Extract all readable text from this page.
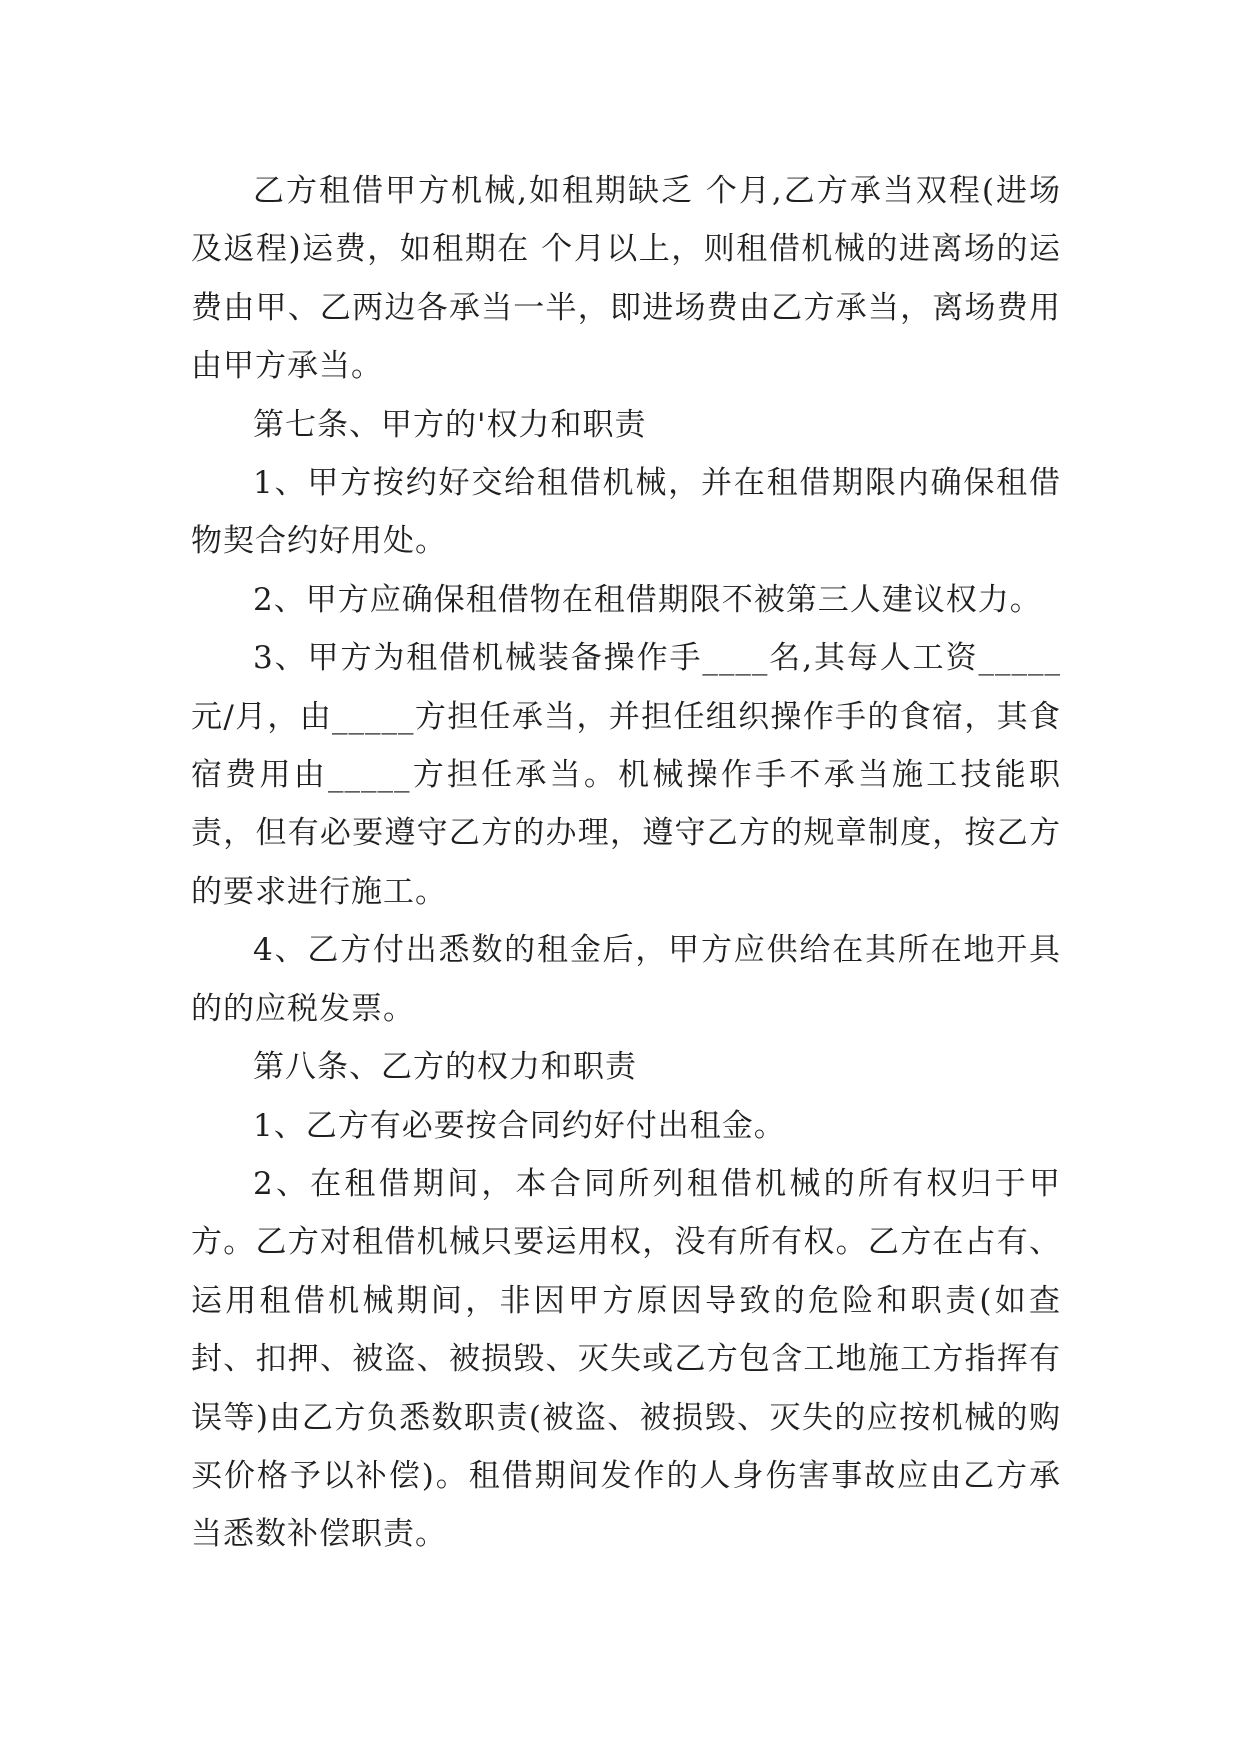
乙方租借甲方机械,如租期缺乏 个月,乙方承当双程(进场及返程)运费，如租期在 个月以上，则租借机械的进离场的运费由甲、乙两边各承当一半，即进场费由乙方承当，离场费用由甲方承当。

第七条、甲方的'权力和职责

1、甲方按约好交给租借机械，并在租借期限内确保租借物契合约好用处。

2、甲方应确保租借物在租借期限不被第三人建议权力。

3、甲方为租借机械装备操作手____名,其每人工资_____元/月，由_____方担任承当，并担任组织操作手的食宿，其食宿费用由_____方担任承当。机械操作手不承当施工技能职责，但有必要遵守乙方的办理，遵守乙方的规章制度，按乙方的要求进行施工。

4、乙方付出悉数的租金后，甲方应供给在其所在地开具的的应税发票。

第八条、乙方的权力和职责

1、乙方有必要按合同约好付出租金。

2、在租借期间，本合同所列租借机械的所有权归于甲方。乙方对租借机械只要运用权，没有所有权。乙方在占有、运用租借机械期间，非因甲方原因导致的危险和职责(如查封、扣押、被盗、被损毁、灭失或乙方包含工地施工方指挥有误等)由乙方负悉数职责(被盗、被损毁、灭失的应按机械的购买价格予以补偿)。租借期间发作的人身伤害事故应由乙方承当悉数补偿职责。
